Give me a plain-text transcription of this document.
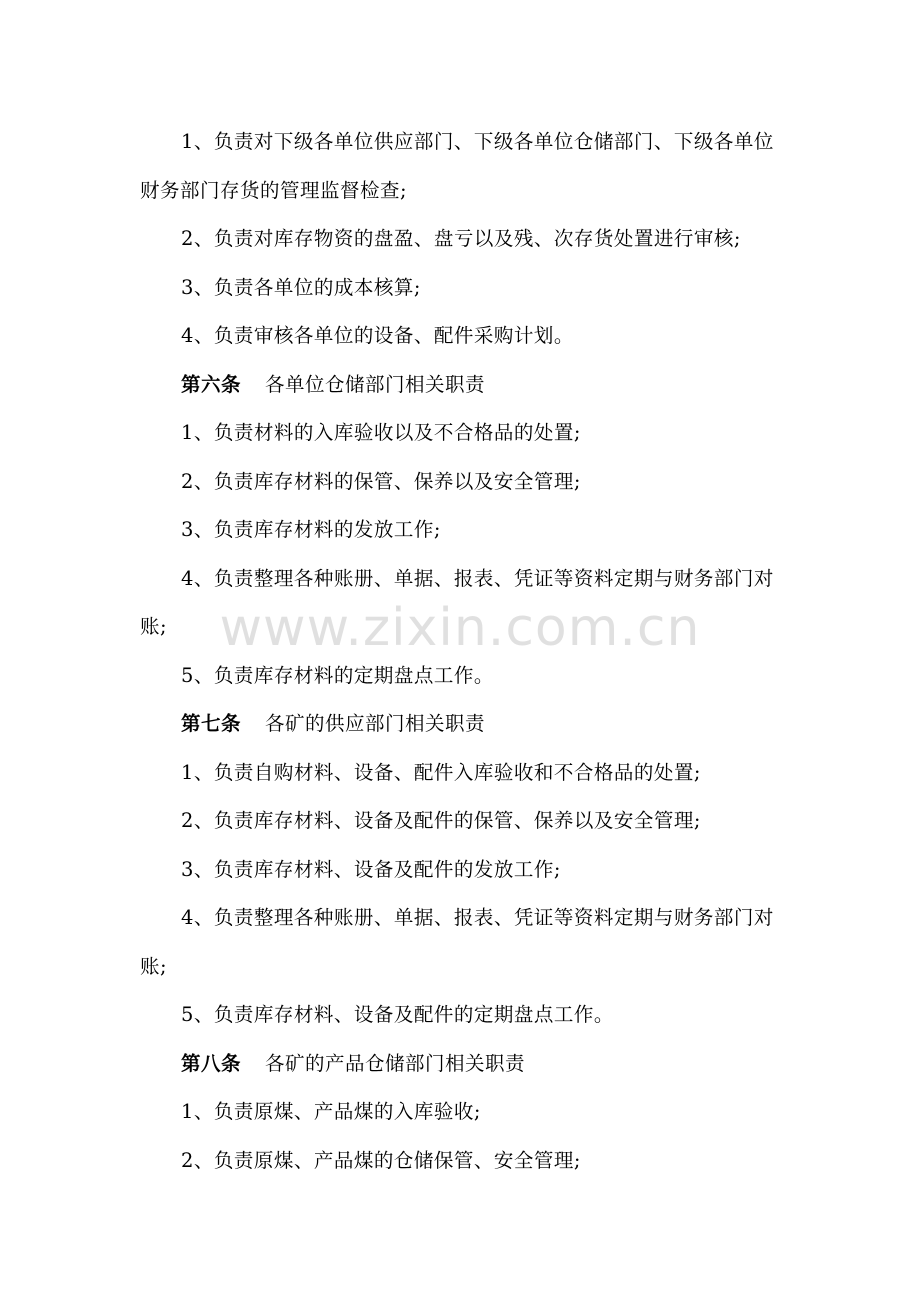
1、负责对下级各单位供应部门、下级各单位仓储部门、下级各单位财务部门存货的管理监督检查;

2、负责对库存物资的盘盈、盘亏以及残、次存货处置进行审核;

3、负责各单位的成本核算;

4、负责审核各单位的设备、配件采购计划。

第六条 各单位仓储部门相关职责

1、负责材料的入库验收以及不合格品的处置;

2、负责库存材料的保管、保养以及安全管理;

3、负责库存材料的发放工作;

4、负责整理各种账册、单据、报表、凭证等资料定期与财务部门对账;

5、负责库存材料的定期盘点工作。

第七条 各矿的供应部门相关职责

1、负责自购材料、设备、配件入库验收和不合格品的处置;

2、负责库存材料、设备及配件的保管、保养以及安全管理;

3、负责库存材料、设备及配件的发放工作;

4、负责整理各种账册、单据、报表、凭证等资料定期与财务部门对账;

5、负责库存材料、设备及配件的定期盘点工作。

第八条 各矿的产品仓储部门相关职责

1、负责原煤、产品煤的入库验收;

2、负责原煤、产品煤的仓储保管、安全管理;

www.zixin.com.cn
